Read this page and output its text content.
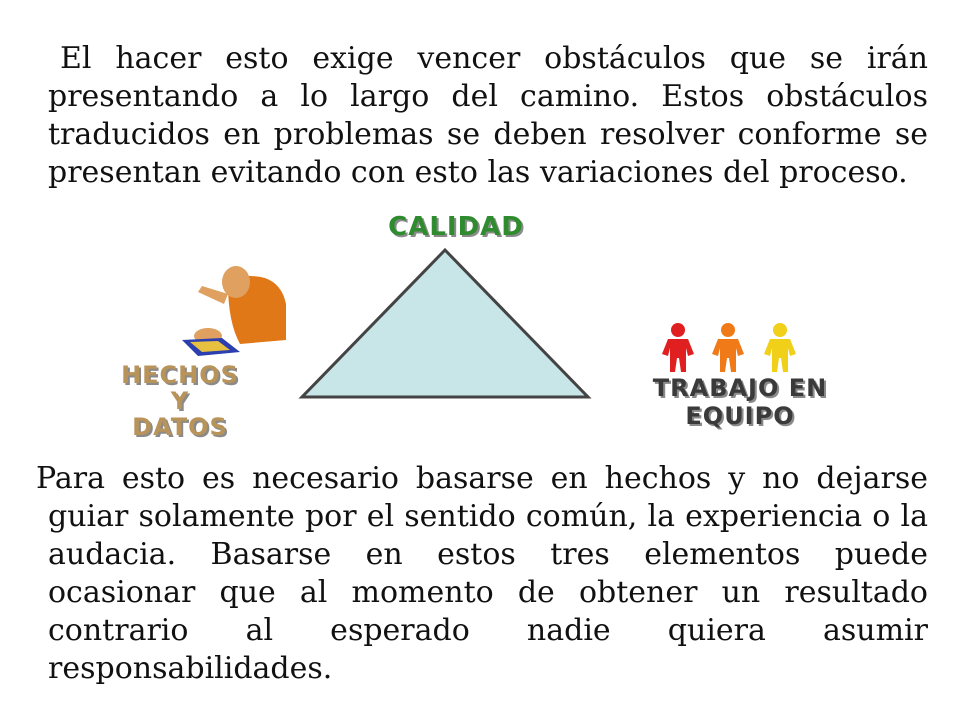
El hacer esto exige vencer obstáculos que se irán presentando a lo largo del camino. Estos obstáculos traducidos en problemas se deben resolver conforme se presentan evitando con esto las variaciones del proceso.

CALIDAD
HECHOS
Y
DATOS
TRABAJO EN
EQUIPO

Para esto es necesario basarse en hechos y no dejarse guiar solamente por el sentido común, la experiencia o la audacia. Basarse en estos tres elementos puede ocasionar que al momento de obtener un resultado contrario al esperado nadie quiera asumir responsabilidades.
